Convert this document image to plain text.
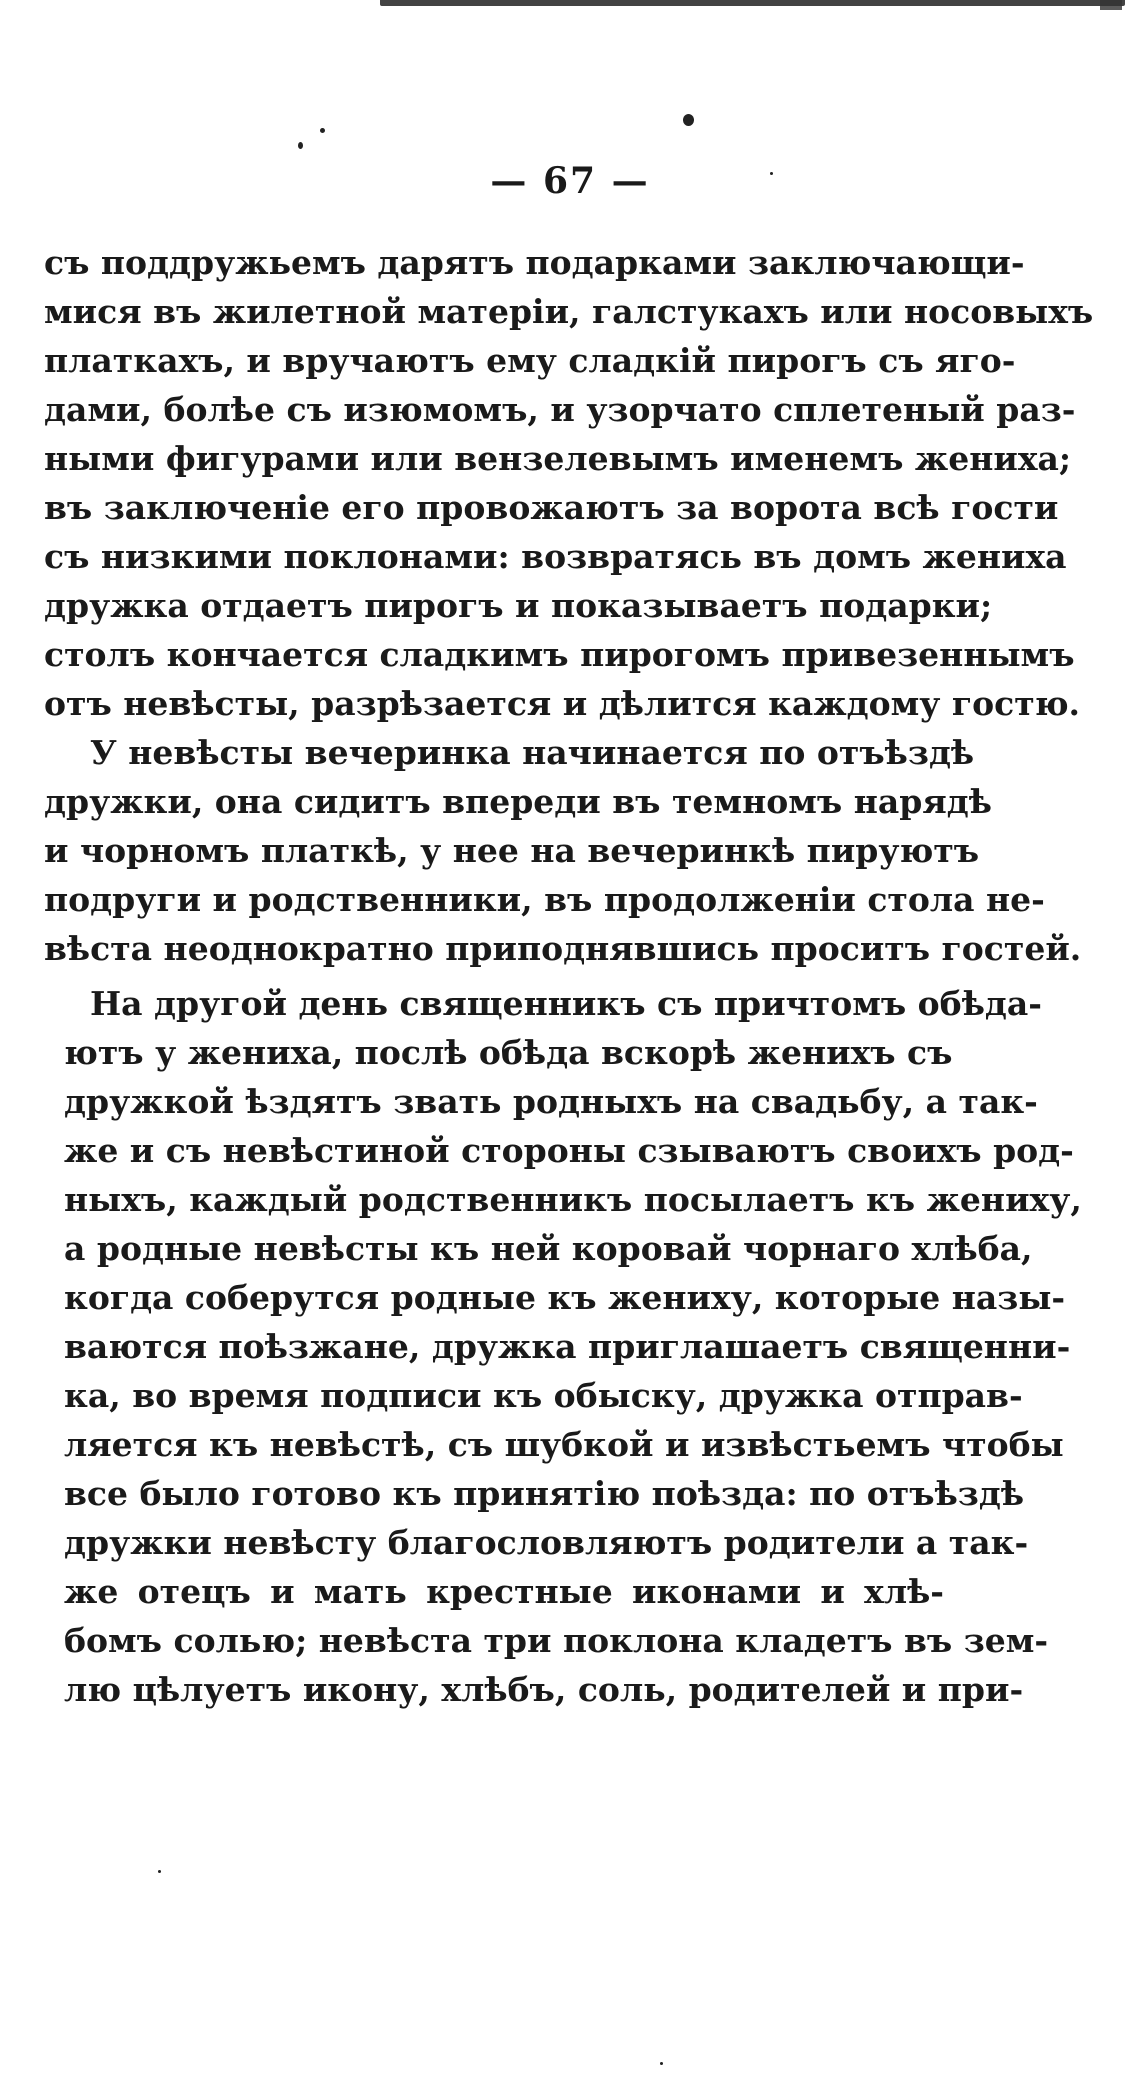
— 67 —
съ поддружьемъ дарятъ подарками заключающи-
мися въ жилетной матеріи, галстукахъ или носовыхъ
платкахъ, и вручаютъ ему сладкій пирогъ съ яго-
дами, болѣе съ изюмомъ, и узорчато сплетеный раз-
ными фигурами или вензелевымъ именемъ жениха;
въ заключеніе его провожаютъ за ворота всѣ гости
съ низкими поклонами: возвратясь въ домъ жениха
дружка отдаетъ пирогъ и показываетъ подарки;
столъ кончается сладкимъ пирогомъ привезеннымъ
отъ невѣсты, разрѣзается и дѣлится каждому гостю.
У невѣсты вечеринка начинается по отъѣздѣ
дружки, она сидитъ впереди въ темномъ нарядѣ
и чорномъ платкѣ, у нее на вечеринкѣ пируютъ
подруги и родственники, въ продолженіи стола не-
вѣста неоднократно приподнявшись проситъ гостей.
На другой день священникъ съ причтомъ обѣда-
ютъ у жениха, послѣ обѣда вскорѣ женихъ съ
дружкой ѣздятъ звать родныхъ на свадьбу, а так-
же и съ невѣстиной стороны сзываютъ своихъ род-
ныхъ, каждый родственникъ посылаетъ къ жениху,
а родные невѣсты къ ней коровай чорнаго хлѣба,
когда соберутся родные къ жениху, которые назы-
ваются поѣзжане, дружка приглашаетъ священни-
ка, во время подписи къ обыску, дружка отправ-
ляется къ невѣстѣ, съ шубкой и извѣстьемъ чтобы
все было готово къ принятію поѣзда: по отъѣздѣ
дружки невѣсту благословляютъ родители а так-
же отецъ и мать крестные иконами и хлѣ-
бомъ солью; невѣста три поклона кладетъ въ зем-
лю цѣлуетъ икону, хлѣбъ, соль, родителей и при-
